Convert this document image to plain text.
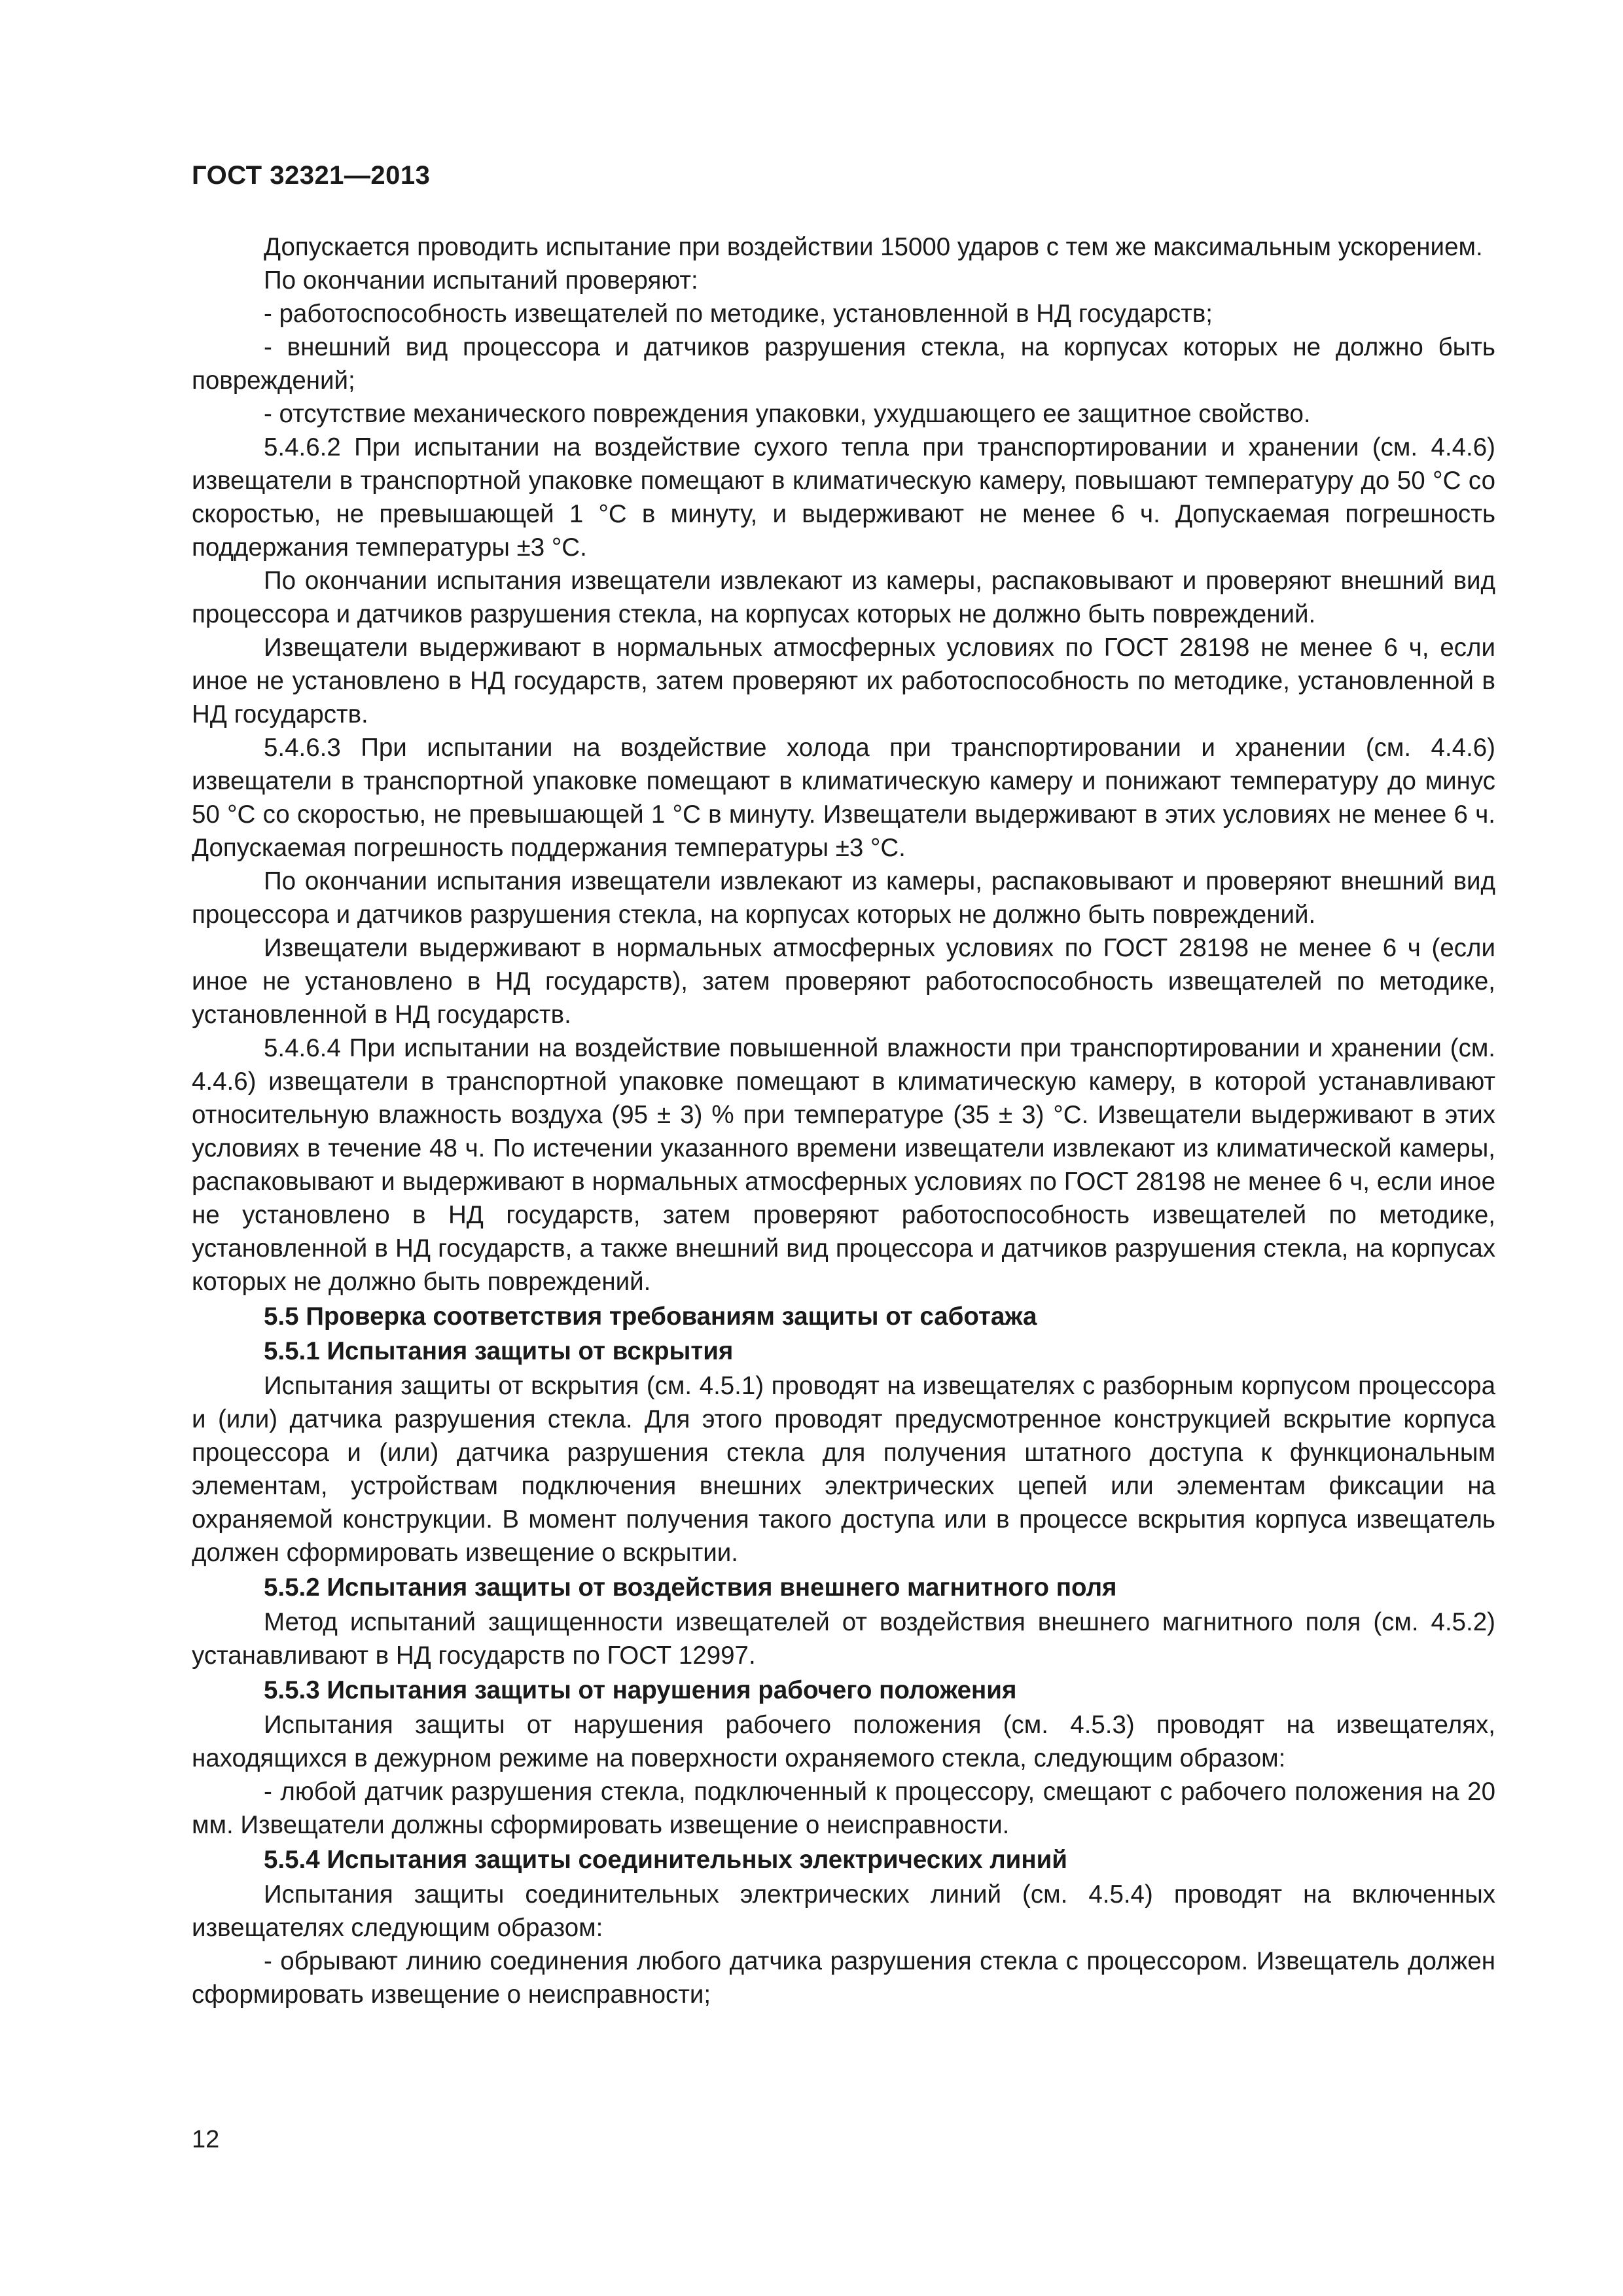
ГОСТ 32321—2013

Допускается проводить испытание при воздействии 15000 ударов с тем же максимальным ускорением.

По окончании испытаний проверяют:

- работоспособность извещателей по методике, установленной в НД государств;

- внешний вид процессора и датчиков разрушения стекла, на корпусах которых не должно быть повреждений;

- отсутствие механического повреждения упаковки, ухудшающего ее защитное свойство.

5.4.6.2 При испытании на воздействие сухого тепла при транспортировании и хранении (см. 4.4.6) извещатели в транспортной упаковке помещают в климатическую камеру, повышают температуру до 50 °С со скоростью, не превышающей 1 °С в минуту, и выдерживают не менее 6 ч. Допускаемая погрешность поддержания температуры ±3 °С.

По окончании испытания извещатели извлекают из камеры, распаковывают и проверяют внешний вид процессора и датчиков разрушения стекла, на корпусах которых не должно быть повреждений.

Извещатели выдерживают в нормальных атмосферных условиях по ГОСТ 28198 не менее 6 ч, если иное не установлено в НД государств, затем проверяют их работоспособность по методике, установленной в НД государств.

5.4.6.3 При испытании на воздействие холода при транспортировании и хранении (см. 4.4.6) извещатели в транспортной упаковке помещают в климатическую камеру и понижают температуру до минус 50 °С со скоростью, не превышающей 1 °С в минуту. Извещатели выдерживают в этих условиях не менее 6 ч. Допускаемая погрешность поддержания температуры ±3 °С.

По окончании испытания извещатели извлекают из камеры, распаковывают и проверяют внешний вид процессора и датчиков разрушения стекла, на корпусах которых не должно быть повреждений.

Извещатели выдерживают в нормальных атмосферных условиях по ГОСТ 28198 не менее 6 ч (если иное не установлено в НД государств), затем проверяют работоспособность извещателей по методике, установленной в НД государств.

5.4.6.4 При испытании на воздействие повышенной влажности при транспортировании и хранении (см. 4.4.6) извещатели в транспортной упаковке помещают в климатическую камеру, в которой устанавливают относительную влажность воздуха (95 ± 3) % при температуре (35 ± 3) °С. Извещатели выдерживают в этих условиях в течение 48 ч. По истечении указанного времени извещатели извлекают из климатической камеры, распаковывают и выдерживают в нормальных атмосферных условиях по ГОСТ 28198 не менее 6 ч, если иное не установлено в НД государств, затем проверяют работоспособность извещателей по методике, установленной в НД государств, а также внешний вид процессора и датчиков разрушения стекла, на корпусах которых не должно быть повреждений.

5.5 Проверка соответствия требованиям защиты от саботажа

5.5.1 Испытания защиты от вскрытия

Испытания защиты от вскрытия (см. 4.5.1) проводят на извещателях с разборным корпусом процессора и (или) датчика разрушения стекла. Для этого проводят предусмотренное конструкцией вскрытие корпуса процессора и (или) датчика разрушения стекла для получения штатного доступа к функциональным элементам, устройствам подключения внешних электрических цепей или элементам фиксации на охраняемой конструкции. В момент получения такого доступа или в процессе вскрытия корпуса извещатель должен сформировать извещение о вскрытии.

5.5.2 Испытания защиты от воздействия внешнего магнитного поля

Метод испытаний защищенности извещателей от воздействия внешнего магнитного поля (см. 4.5.2) устанавливают в НД государств по ГОСТ 12997.

5.5.3 Испытания защиты от нарушения рабочего положения

Испытания защиты от нарушения рабочего положения (см. 4.5.3) проводят на извещателях, находящихся в дежурном режиме на поверхности охраняемого стекла, следующим образом:

- любой датчик разрушения стекла, подключенный к процессору, смещают с рабочего положения на 20 мм. Извещатели должны сформировать извещение о неисправности.

5.5.4 Испытания защиты соединительных электрических линий

Испытания защиты соединительных электрических линий (см. 4.5.4) проводят на включенных извещателях следующим образом:

- обрывают линию соединения любого датчика разрушения стекла с процессором. Извещатель должен сформировать извещение о неисправности;

12
